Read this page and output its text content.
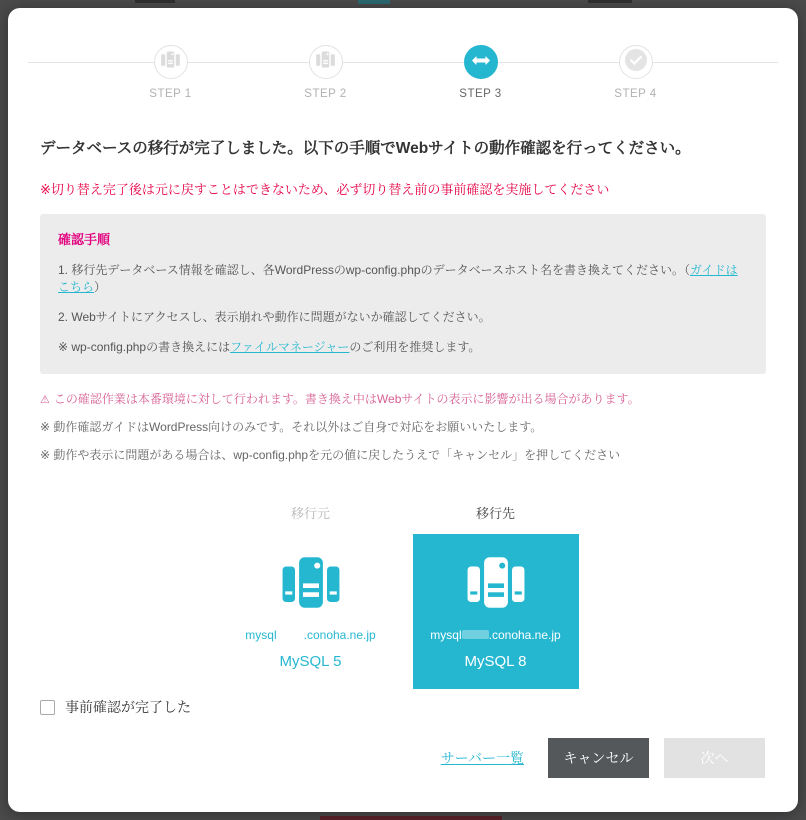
STEP 1	STEP 2	STEP 3	STEP 4
データベースの移行が完了しました。以下の手順でWebサイトの動作確認を行ってください。
※切り替え完了後は元に戻すことはできないため、必ず切り替え前の事前確認を実施してください
確認手順
1. 移行先データベース情報を確認し、各WordPressのwp-config.phpのデータベースホスト名を書き換えてください。（ガイドはこちら）
2. Webサイトにアクセスし、表示崩れや動作に問題がないか確認してください。
※ wp-config.phpの書き換えにはファイルマネージャーのご利用を推奨します。
⚠ この確認作業は本番環境に対して行われます。書き換え中はWebサイトの表示に影響が出る場合があります。
※ 動作確認ガイドはWordPress向けのみです。それ以外はご自身で対応をお願いいたします。
※ 動作や表示に問題がある場合は、wp-config.phpを元の値に戻したうえで「キャンセル」を押してください
移行元
mysql .conoha.ne.jp
MySQL 5
移行先
mysql .conoha.ne.jp
MySQL 8
事前確認が完了した
サーバー一覧	キャンセル	次へ
